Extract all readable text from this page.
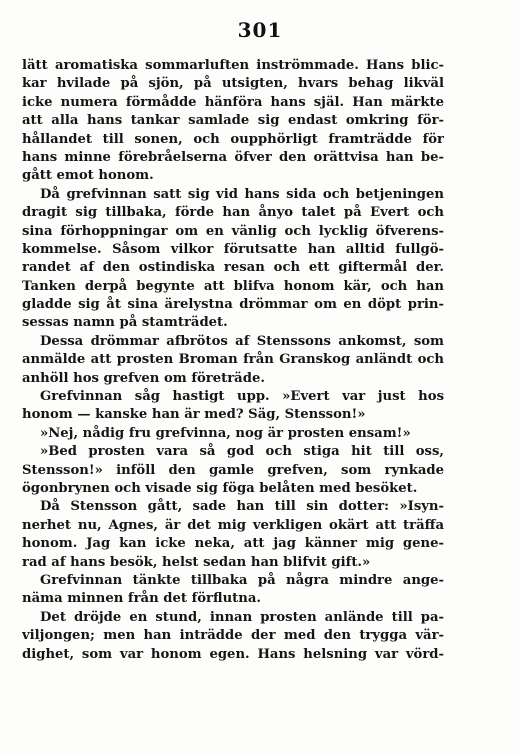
301
lätt aromatiska sommarluften inströmmade. Hans blic-
kar hvilade på sjön, på utsigten, hvars behag likväl
icke numera förmådde hänföra hans själ. Han märkte
att alla hans tankar samlade sig endast omkring för-
hållandet till sonen, och oupphörligt framträdde för
hans minne förebråelserna öfver den orättvisa han be-
gått emot honom.
Då grefvinnan satt sig vid hans sida och betjeningen
dragit sig tillbaka, förde han ånyo talet på Evert och
sina förhoppningar om en vänlig och lycklig öfverens-
kommelse. Såsom vilkor förutsatte han alltid fullgö-
randet af den ostindiska resan och ett giftermål der.
Tanken derpå begynte att blifva honom kär, och han
gladde sig åt sina ärelystna drömmar om en döpt prin-
sessas namn på stamträdet.
Dessa drömmar afbrötos af Stenssons ankomst, som
anmälde att prosten Broman från Granskog anländt och
anhöll hos grefven om företräde.
Grefvinnan såg hastigt upp. »Evert var just hos
honom — kanske han är med? Säg, Stensson!»
»Nej, nådig fru grefvinna, nog är prosten ensam!»
»Bed prosten vara så god och stiga hit till oss,
Stensson!» inföll den gamle grefven, som rynkade
ögonbrynen och visade sig föga belåten med besöket.
Då Stensson gått, sade han till sin dotter: »Isyn-
nerhet nu, Agnes, är det mig verkligen okärt att träffa
honom. Jag kan icke neka, att jag känner mig gene-
rad af hans besök, helst sedan han blifvit gift.»
Grefvinnan tänkte tillbaka på några mindre ange-
näma minnen från det förflutna.
Det dröjde en stund, innan prosten anlände till pa-
viljongen; men han inträdde der med den trygga vär-
dighet, som var honom egen. Hans helsning var vörd-
